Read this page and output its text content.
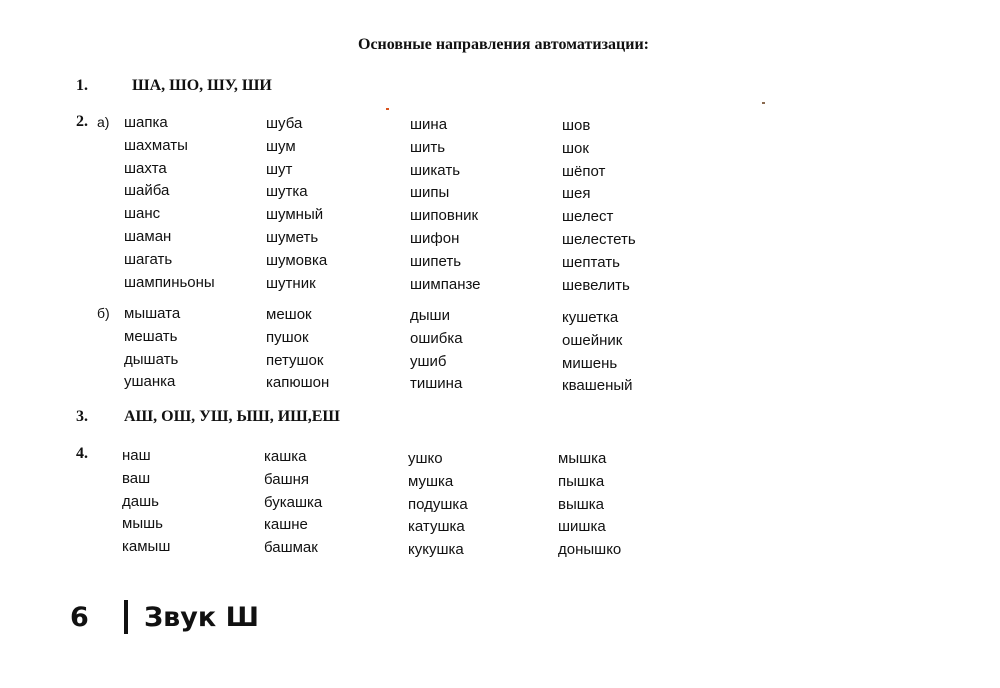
Основные направления автоматизации:
1.	ША, ШО, ШУ, ШИ
2. а) шапка
шахматы
шахта
шайба
шанс
шаман
шагать
шампиньоны
шуба
шум
шут
шутка
шумный
шуметь
шумовка
шутник
шина
шить
шикать
шипы
шиповник
шифон
шипеть
шимпанзе
шов
шок
шёпот
шея
шелест
шелестеть
шептать
шевелить
б) мышата
мешать
дышать
ушанка
мешок
пушок
петушок
капюшон
дыши
ошибка
ушиб
тишина
кушетка
ошейник
мишень
квашеный
3. АШ, ОШ, УШ, ЫШ, ИШ,ЕШ
4. наш
ваш
дашь
мышь
камыш
кашка
башня
букашка
кашне
башмак
ушко
мушка
подушка
катушка
кукушка
мышка
пышка
вышка
шишка
донышко
6 Звук Ш
